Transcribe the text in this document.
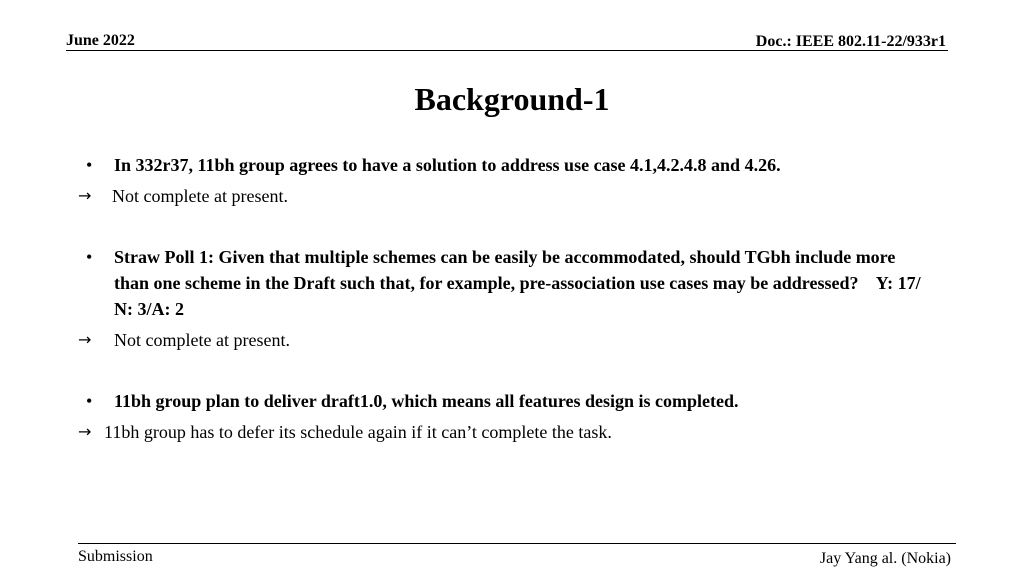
June 2022	Doc.: IEEE 802.11-22/933r1
Background-1
• In 332r37, 11bh group agrees to have a solution to address use case 4.1,4.2.4.8 and 4.26.
→ Not complete at present.
• Straw Poll 1: Given that multiple schemes can be easily be accommodated, should TGbh include more than one scheme in the Draft such that, for example, pre-association use cases may be addressed?    Y: 17/ N: 3/A: 2
→ Not complete at present.
• 11bh group plan to deliver draft1.0, which means all features design is completed.
→ 11bh group has to defer its schedule again if it can’t complete the task.
Submission	Jay Yang al. (Nokia)
